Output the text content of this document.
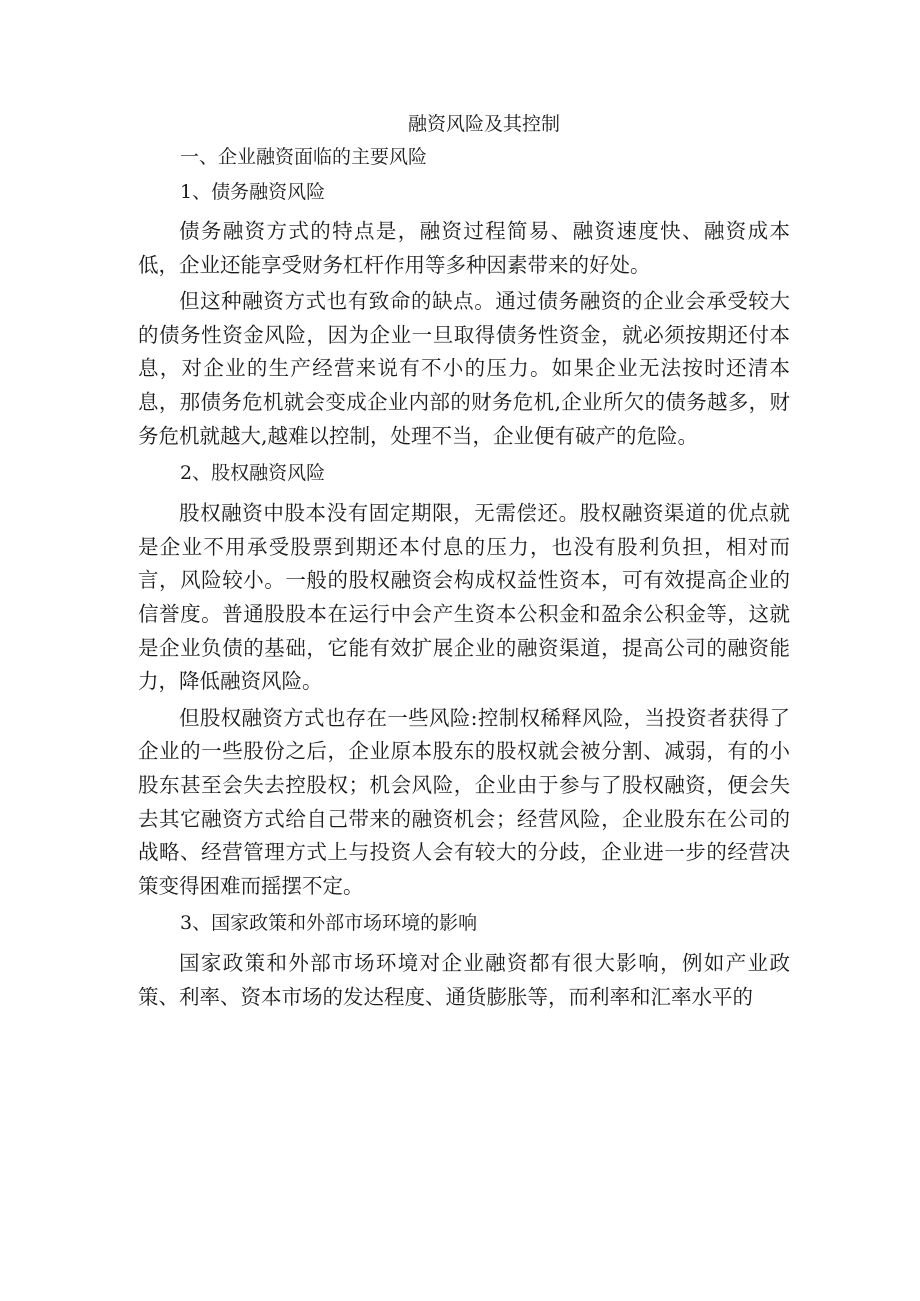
融资风险及其控制

一、企业融资面临的主要风险

1、债务融资风险

债务融资方式的特点是，融资过程简易、融资速度快、融资成本低，企业还能享受财务杠杆作用等多种因素带来的好处。

但这种融资方式也有致命的缺点。通过债务融资的企业会承受较大的债务性资金风险，因为企业一旦取得债务性资金，就必须按期还付本息，对企业的生产经营来说有不小的压力。如果企业无法按时还清本息，那债务危机就会变成企业内部的财务危机,企业所欠的债务越多，财务危机就越大,越难以控制，处理不当，企业便有破产的危险。

2、股权融资风险

股权融资中股本没有固定期限，无需偿还。股权融资渠道的优点就是企业不用承受股票到期还本付息的压力，也没有股利负担，相对而言，风险较小。一般的股权融资会构成权益性资本，可有效提高企业的信誉度。普通股股本在运行中会产生资本公积金和盈余公积金等，这就是企业负债的基础，它能有效扩展企业的融资渠道，提高公司的融资能力，降低融资风险。

但股权融资方式也存在一些风险:控制权稀释风险，当投资者获得了企业的一些股份之后，企业原本股东的股权就会被分割、减弱，有的小股东甚至会失去控股权；机会风险，企业由于参与了股权融资，便会失去其它融资方式给自己带来的融资机会；经营风险，企业股东在公司的战略、经营管理方式上与投资人会有较大的分歧，企业进一步的经营决策变得困难而摇摆不定。

3、国家政策和外部市场环境的影响

国家政策和外部市场环境对企业融资都有很大影响，例如产业政策、利率、资本市场的发达程度、通货膨胀等，而利率和汇率水平的
